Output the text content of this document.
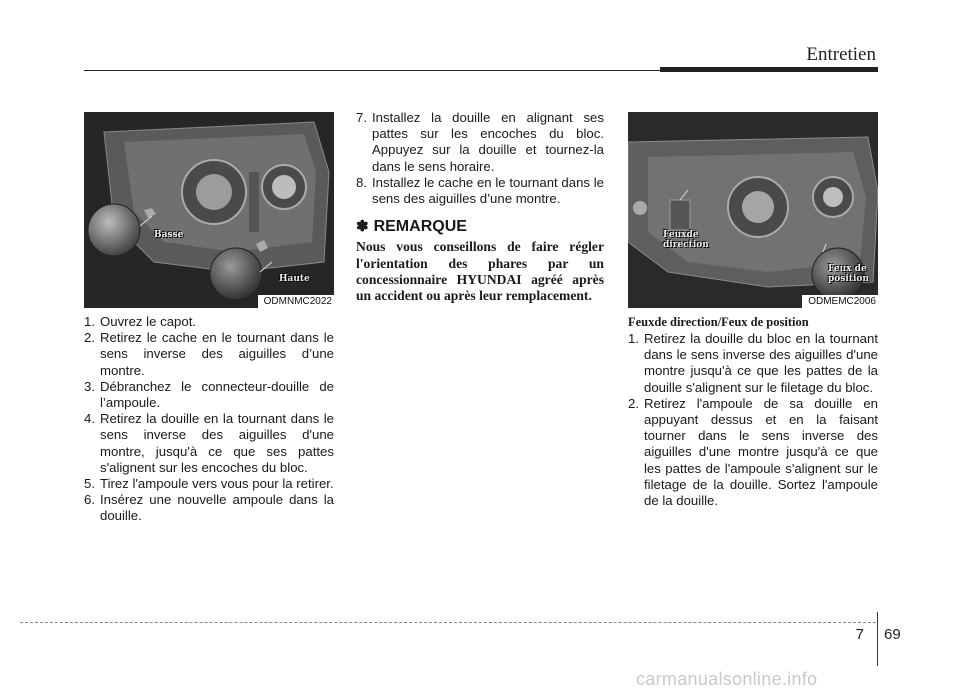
Entretien
Basse
Haute
ODMNMC2022
Feuxde
direction
Feux de
position
ODMEMC2006
1. Ouvrez le capot.
2. Retirez le cache en le tournant dans le sens inverse des aiguilles d’une montre.
3. Débranchez le connecteur-douille de l’ampoule.
4. Retirez la douille en la tournant dans le sens inverse des aiguilles d'une montre, jusqu'à ce que ses pattes s'alignent sur les encoches du bloc.
5. Tirez l'ampoule vers vous pour la retirer.
6. Insérez une nouvelle ampoule dans la douille.
7. Installez la douille en alignant ses pattes sur les encoches du bloc. Appuyez sur la douille et tournez-la dans le sens horaire.
8. Installez le cache en le tournant dans le sens des aiguilles d’une montre.
✽ REMARQUE
Nous vous conseillons de faire régler l'orientation des phares par un concessionnaire HYUNDAI agréé après un accident ou après leur remplacement.
Feuxde direction/Feux de position
1. Retirez la douille du bloc en la tournant dans le sens inverse des aiguilles d'une montre jusqu'à ce que les pattes de la douille s'alignent sur le filetage du bloc.
2. Retirez l'ampoule de sa douille en appuyant dessus et en la faisant tourner dans le sens inverse des aiguilles d'une montre jusqu'à ce que les pattes de l'ampoule s'alignent sur le filetage de la douille. Sortez l'ampoule de la douille.
7 69
carmanualsonline.info
